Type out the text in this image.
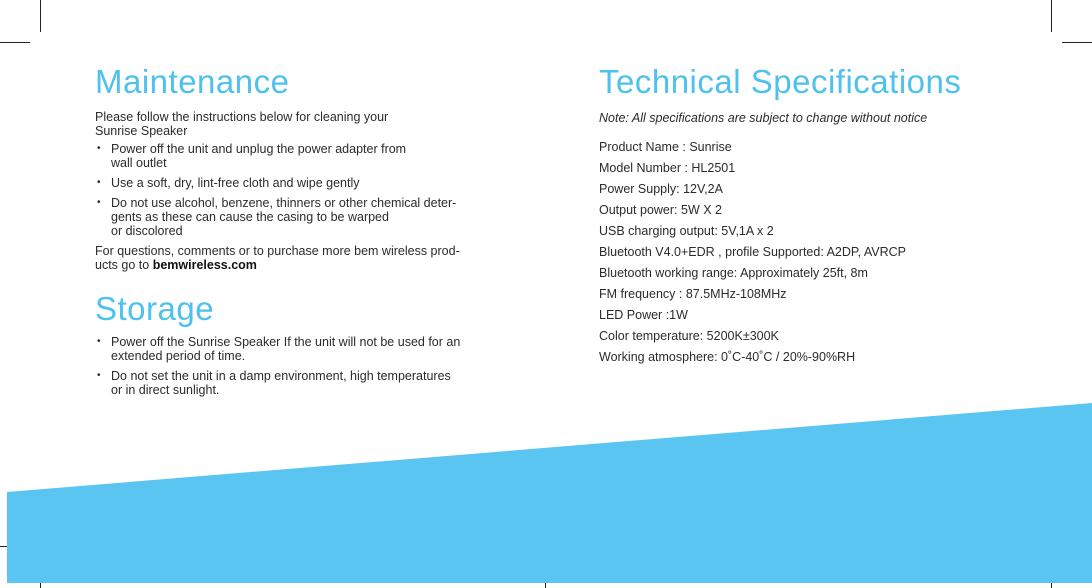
Maintenance

Please follow the instructions below for cleaning your

Sunrise Speaker

• Power off the unit and unplug the power adapter from
wall outlet
• Use a soft, dry, lint-free cloth and wipe gently
• Do not use alcohol, benzene, thinners or other chemical deter-
gents as these can cause the casing to be warped
or discolored

For questions, comments or to purchase more bem wireless prod-

ucts go to bemwireless.com

Storage
• Power off the Sunrise Speaker If the unit will not be used for an
extended period of time.
• Do not set the unit in a damp environment, high temperatures
or in direct sunlight.
Technical Specifications

Note: All specifications are subject to change without notice

Product Name : Sunrise

Model Number : HL2501

Power Supply: 12V,2A

Output power: 5W X 2

USB charging output: 5V,1A x 2

Bluetooth V4.0+EDR , profile Supported: A2DP, AVRCP

Bluetooth working range: Approximately 25ft, 8m

FM frequency : 87.5MHz-108MHz

LED Power :1W

Color temperature: 5200K±300K

Working atmosphere: 0˚C-40˚C / 20%-90%RH
